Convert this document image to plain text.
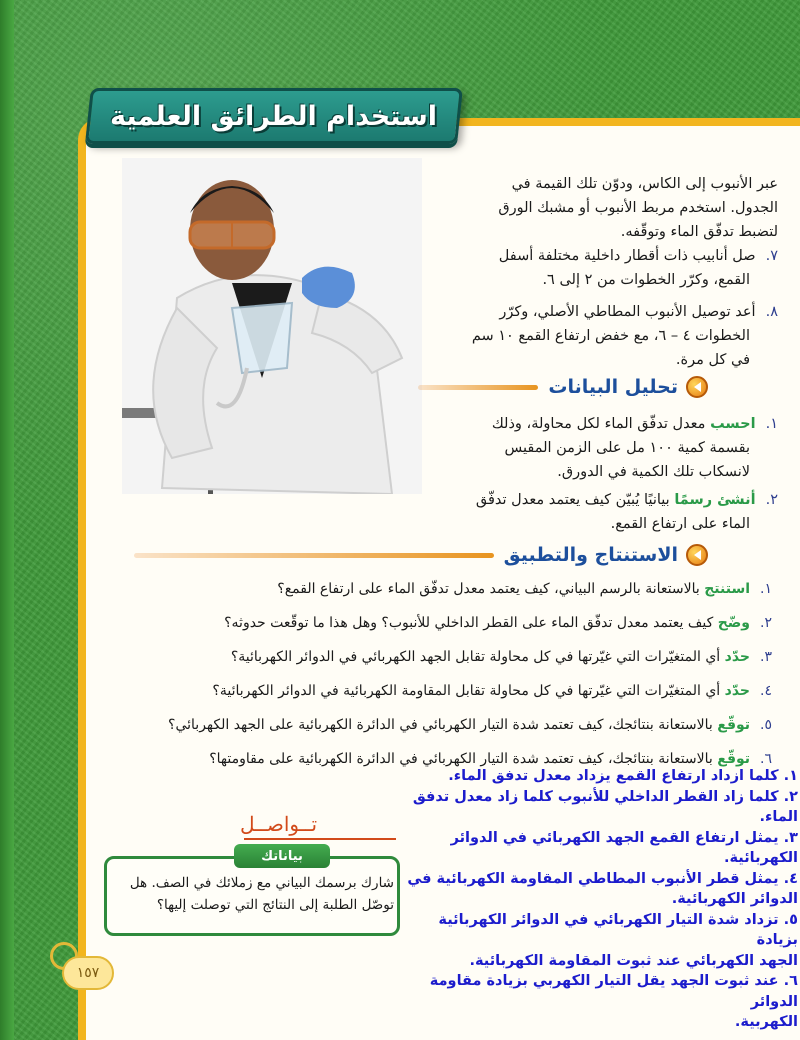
استخدام الطرائق العلمية
عبر الأنبوب إلى الكاس، ودوّن تلك القيمة في
الجدول. استخدم مربط الأنبوب أو مشبك الورق
لتضبط تدفّق الماء وتوقّفه.
٧.صل أنابيب ذات أقطار داخلية مختلفة أسفل
القمع، وكرّر الخطوات من ٢ إلى ٦.
٨.أعد توصيل الأنبوب المطاطي الأصلي، وكرّر
الخطوات ٤ – ٦، مع خفض ارتفاع القمع ١٠ سم
في كل مرة.
تحليل البيانات
١.احسب معدل تدفّق الماء لكل محاولة، وذلك
بقسمة كمية ١٠٠ مل على الزمن المقيس
لانسكاب تلك الكمية في الدورق.
٢.أنشئ رسمًا بيانيًا يُبيّن كيف يعتمد معدل تدفّق
الماء على ارتفاع القمع.
الاستنتاج والتطبيق
١.استنتج بالاستعانة بالرسم البياني، كيف يعتمد معدل تدفّق الماء على ارتفاع القمع؟
٢.وضّح كيف يعتمد معدل تدفّق الماء على القطر الداخلي للأنبوب؟ وهل هذا ما توقّعت حدوثه؟
٣.حدّد أي المتغيّرات التي غيّرتها في كل محاولة تقابل الجهد الكهربائي في الدوائر الكهربائية؟
٤.حدّد أي المتغيّرات التي غيّرتها في كل محاولة تقابل المقاومة الكهربائية في الدوائر الكهربائية؟
٥.توقّع بالاستعانة بنتائجك، كيف تعتمد شدة التيار الكهربائي في الدائرة الكهربائية على الجهد الكهربائي؟
٦.توقّع بالاستعانة بنتائجك، كيف تعتمد شدة التيار الكهربائي في الدائرة الكهربائية على مقاومتها؟
١. كلما ازداد ارتفاع القمع يزداد معدل تدفق الماء.
٢. كلما زاد القطر الداخلي للأنبوب كلما زاد معدل تدفق الماء.
٣. يمثل ارتفاع القمع الجهد الكهربائي في الدوائر الكهربائية.
٤. يمثل قطر الأنبوب المطاطي المقاومة الكهربائية في
الدوائر الكهربائية.
٥. تزداد شدة التيار الكهربائي في الدوائر الكهربائية بزيادة
الجهد الكهربائي عند ثبوت المقاومة الكهربائية.
٦. عند ثبوت الجهد يقل التيار الكهربي بزيادة مقاومة الدوائر
الكهربية.
تــواصــل
بياناتك
شارك برسمك البياني مع زملائك في الصف. هل
توصّل الطلبة إلى النتائج التي توصلت إليها؟
١٥٧
